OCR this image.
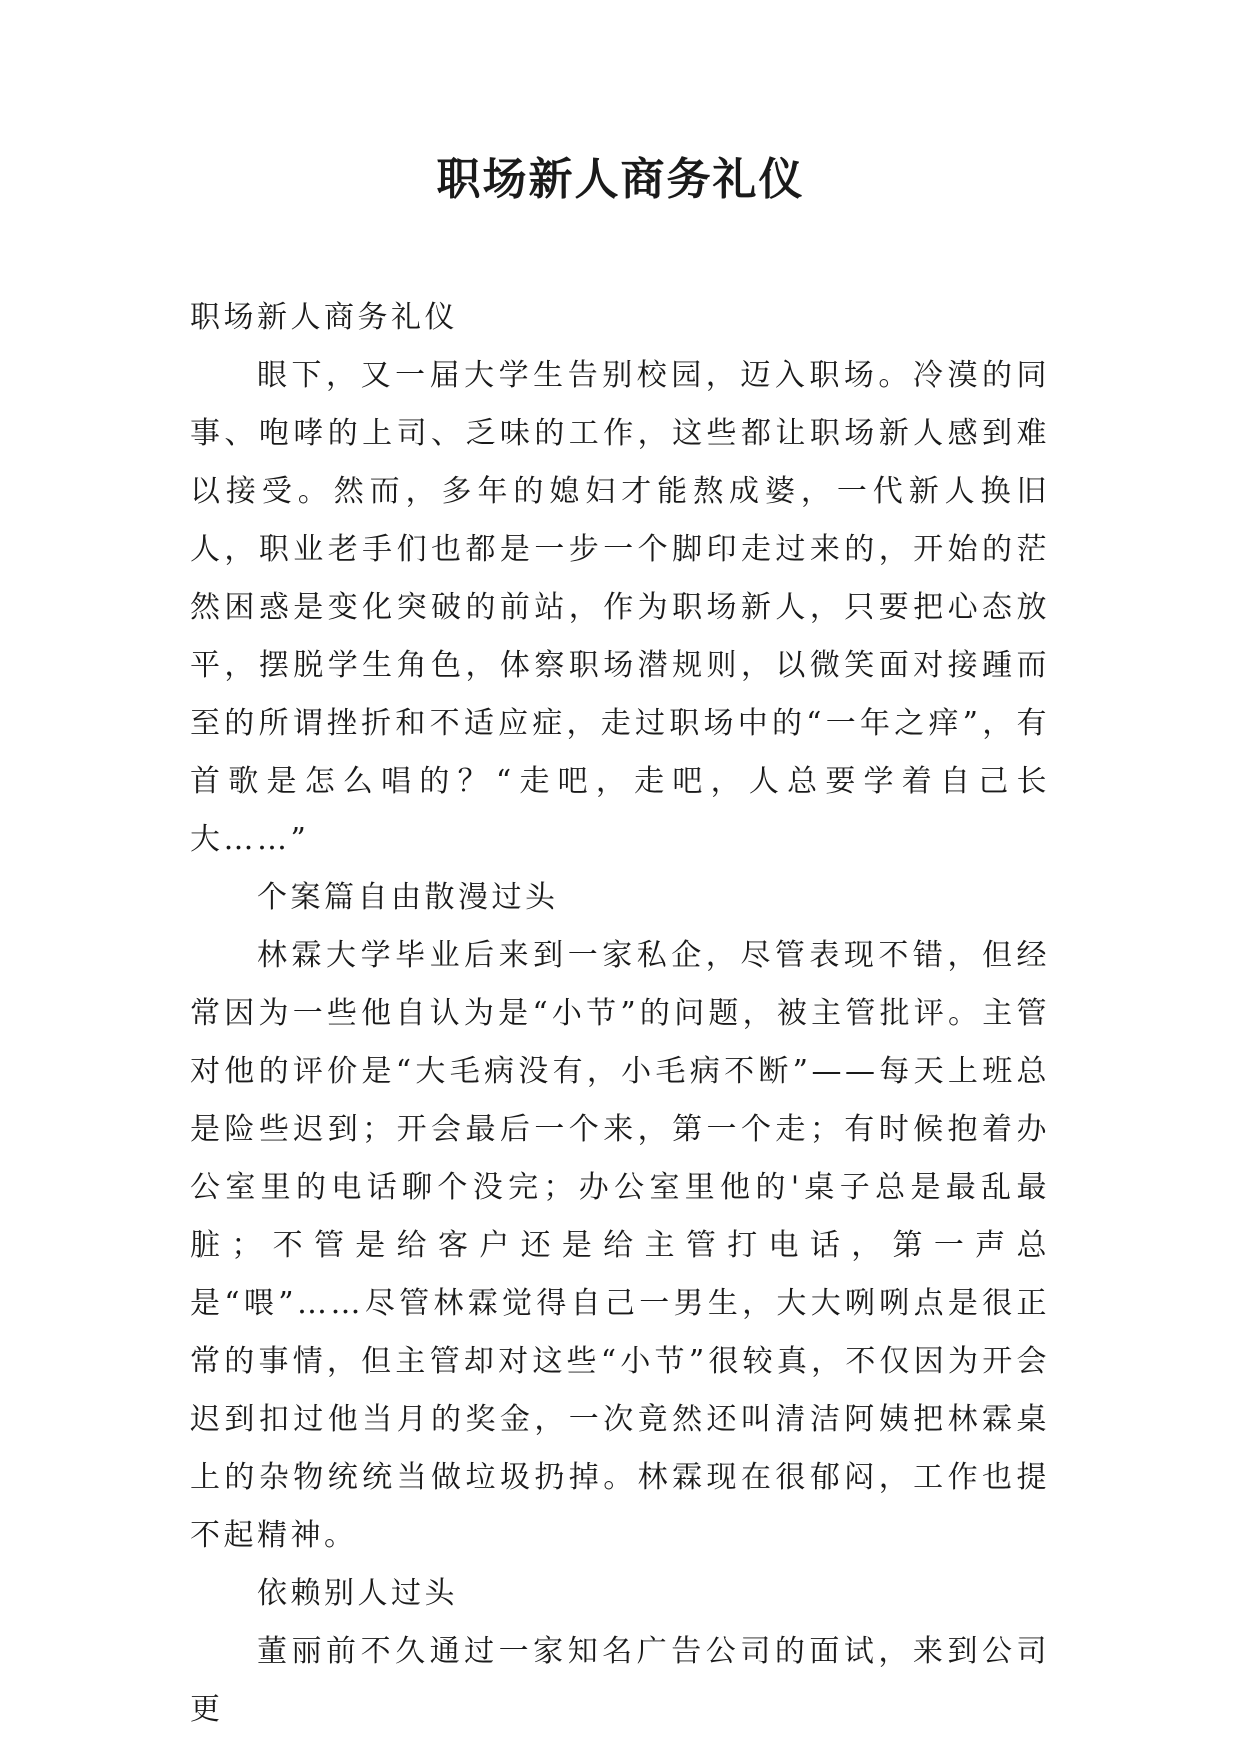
职场新人商务礼仪

职场新人商务礼仪

眼下，又一届大学生告别校园，迈入职场。冷漠的同事、咆哮的上司、乏味的工作，这些都让职场新人感到难以接受。然而，多年的媳妇才能熬成婆，一代新人换旧人，职业老手们也都是一步一个脚印走过来的，开始的茫然困惑是变化突破的前站，作为职场新人，只要把心态放平，摆脱学生角色，体察职场潜规则，以微笑面对接踵而至的所谓挫折和不适应症，走过职场中的“一年之痒”，有首歌是怎么唱的？“走吧，走吧，人总要学着自己长大……”

个案篇自由散漫过头

林霖大学毕业后来到一家私企，尽管表现不错，但经常因为一些他自认为是“小节”的问题，被主管批评。主管对他的评价是“大毛病没有，小毛病不断”——每天上班总是险些迟到；开会最后一个来，第一个走；有时候抱着办公室里的电话聊个没完；办公室里他的'桌子总是最乱最脏；不管是给客户还是给主管打电话，第一声总是“喂”……尽管林霖觉得自己一男生，大大咧咧点是很正常的事情，但主管却对这些“小节”很较真，不仅因为开会迟到扣过他当月的奖金，一次竟然还叫清洁阿姨把林霖桌上的杂物统统当做垃圾扔掉。林霖现在很郁闷，工作也提不起精神。

依赖别人过头

董丽前不久通过一家知名广告公司的面试，来到公司更
